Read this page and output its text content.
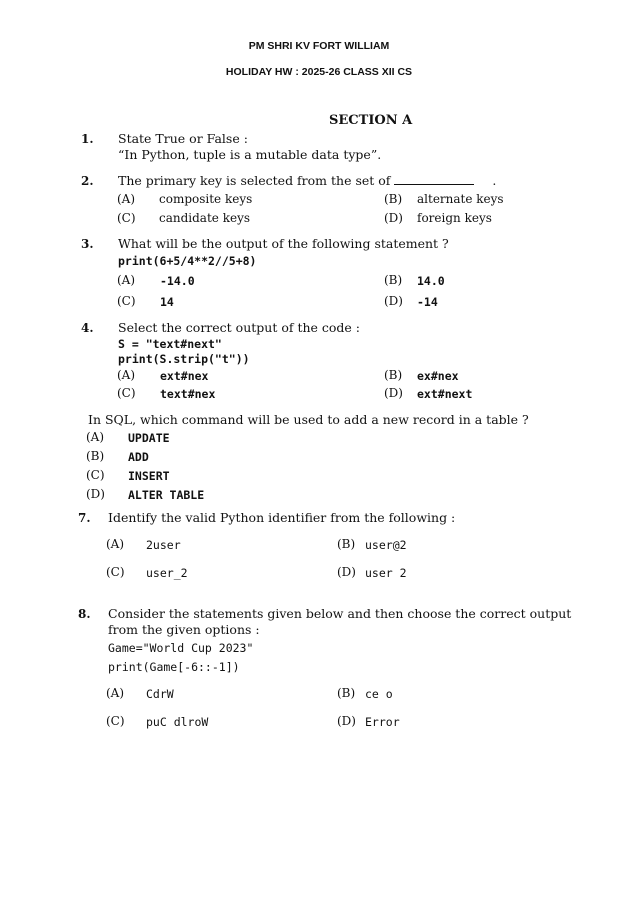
PM SHRI KV FORT WILLIAM
HOLIDAY HW : 2025-26 CLASS XII CS
SECTION A
1. State True or False :
“In Python, tuple is a mutable data type”.
2. The primary key is selected from the set of	.
(A) composite keys	(B) alternate keys
(C) candidate keys	(D) foreign keys
3. What will be the output of the following statement ?
print(6+5/4**2//5+8)
(A) -14.0	(B) 14.0
(C) 14	(D) -14
4. Select the correct output of the code :
S = "text#next"
print(S.strip("t"))
(A) ext#nex	(B) ex#nex
(C) text#nex	(D) ext#next
In SQL, which command will be used to add a new record in a table ?
(A) UPDATE
(B) ADD
(C) INSERT
(D) ALTER TABLE
7. Identify the valid Python identifier from the following :
(A) 2user	(B) user@2
(C) user_2	(D) user 2
8. Consider the statements given below and then choose the correct output
from the given options :
Game="World Cup 2023"
print(Game[-6::-1])
(A) CdrW	(B) ce o
(C) puC dlroW	(D) Error
